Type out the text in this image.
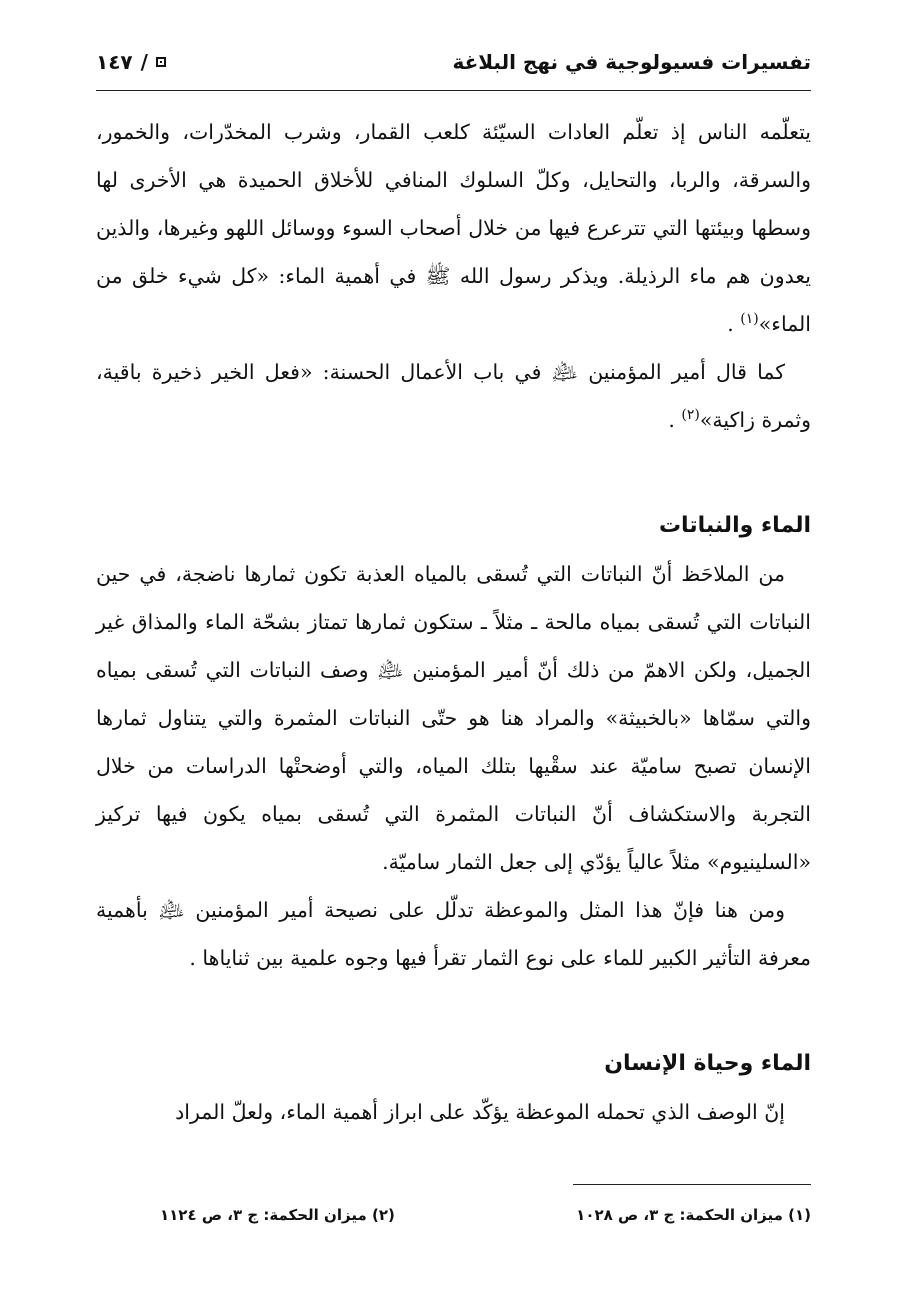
تفسيرات فسيولوجية في نهج البلاغة
١٤٧ /

يتعلّمه الناس إذ تعلّم العادات السيّئة كلعب القمار، وشرب المخدّرات، والخمور، والسرقة، والربا، والتحايل، وكلّ السلوك المنافي للأخلاق الحميدة هي الأخرى لها وسطها وبيئتها التي تترعرع فيها من خلال أصحاب السوء ووسائل اللهو وغيرها، والذين يعدون هم ماء الرذيلة. ويذكر رسول الله ﷺ في أهمية الماء: «كل شيء خلق من الماء»$^{(١)}$ .

كما قال أمير المؤمنين ﵇ في باب الأعمال الحسنة: «فعل الخير ذخيرة باقية، وثمرة زاكية»$^{(٢)}$ .

الماء والنباتات

من الملاحَظ أنّ النباتات التي تُسقى بالمياه العذبة تكون ثمارها ناضجة، في حين النباتات التي تُسقى بمياه مالحة ـ مثلاً ـ ستكون ثمارها تمتاز بشحّة الماء والمذاق غير الجميل، ولكن الاهمّ من ذلك أنّ أمير المؤمنين ﵇ وصف النباتات التي تُسقى بمياه والتي سمّاها «بالخبيثة» والمراد هنا هو حتّى النباتات المثمرة والتي يتناول ثمارها الإنسان تصبح ساميّة عند سقْيها بتلك المياه، والتي أوضحتْها الدراسات من خلال التجربة والاستكشاف أنّ النباتات المثمرة التي تُسقى بمياه يكون فيها تركيز «السلينيوم» مثلاً عالياً يؤدّي إلى جعل الثمار ساميّة.

ومن هنا فإنّ هذا المثل والموعظة تدلّل على نصيحة أمير المؤمنين ﵇ بأهمية معرفة التأثير الكبير للماء على نوع الثمار تقرأ فيها وجوه علمية بين ثناياها .

الماء وحياة الإنسان

إنّ الوصف الذي تحمله الموعظة يؤكّد على ابراز أهمية الماء، ولعلّ المراد

(١) ميزان الحكمة: ج ٣، ص ١٠٢٨
(٢) ميزان الحكمة: ج ٣، ص ١١٢٤
